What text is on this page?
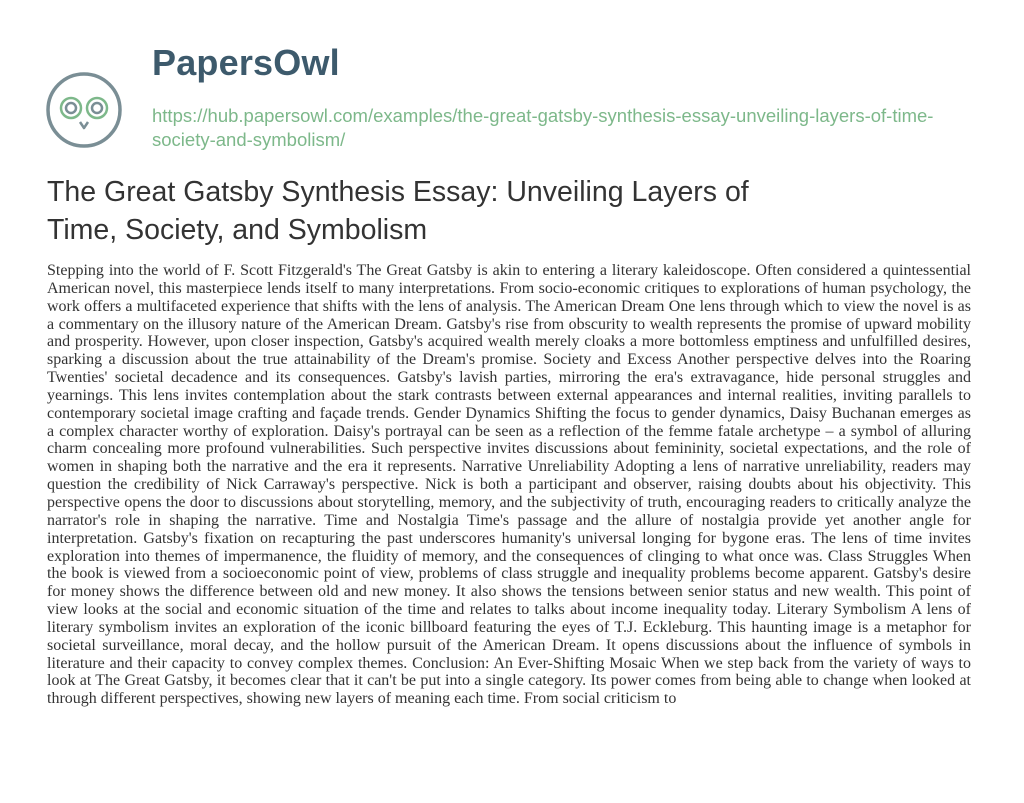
PapersOwl
https://hub.papersowl.com/examples/the-great-gatsby-synthesis-essay-unveiling-layers-of-time-society-and-symbolism/
The Great Gatsby Synthesis Essay: Unveiling Layers of Time, Society, and Symbolism

Stepping into the world of F. Scott Fitzgerald's The Great Gatsby is akin to entering a literary kaleidoscope. Often considered a quintessential American novel, this masterpiece lends itself to many interpretations. From socio-economic critiques to explorations of human psychology, the work offers a multifaceted experience that shifts with the lens of analysis. The American Dream One lens through which to view the novel is as a commentary on the illusory nature of the American Dream. Gatsby's rise from obscurity to wealth represents the promise of upward mobility and prosperity. However, upon closer inspection, Gatsby's acquired wealth merely cloaks a more bottomless emptiness and unfulfilled desires, sparking a discussion about the true attainability of the Dream's promise. Society and Excess Another perspective delves into the Roaring Twenties' societal decadence and its consequences. Gatsby's lavish parties, mirroring the era's extravagance, hide personal struggles and yearnings. This lens invites contemplation about the stark contrasts between external appearances and internal realities, inviting parallels to contemporary societal image crafting and façade trends. Gender Dynamics Shifting the focus to gender dynamics, Daisy Buchanan emerges as a complex character worthy of exploration. Daisy's portrayal can be seen as a reflection of the femme fatale archetype – a symbol of alluring charm concealing more profound vulnerabilities. Such perspective invites discussions about femininity, societal expectations, and the role of women in shaping both the narrative and the era it represents. Narrative Unreliability Adopting a lens of narrative unreliability, readers may question the credibility of Nick Carraway's perspective. Nick is both a participant and observer, raising doubts about his objectivity. This perspective opens the door to discussions about storytelling, memory, and the subjectivity of truth, encouraging readers to critically analyze the narrator's role in shaping the narrative. Time and Nostalgia Time's passage and the allure of nostalgia provide yet another angle for interpretation. Gatsby's fixation on recapturing the past underscores humanity's universal longing for bygone eras. The lens of time invites exploration into themes of impermanence, the fluidity of memory, and the consequences of clinging to what once was. Class Struggles When the book is viewed from a socioeconomic point of view, problems of class struggle and inequality problems become apparent. Gatsby's desire for money shows the difference between old and new money. It also shows the tensions between senior status and new wealth. This point of view looks at the social and economic situation of the time and relates to talks about income inequality today. Literary Symbolism A lens of literary symbolism invites an exploration of the iconic billboard featuring the eyes of T.J. Eckleburg. This haunting image is a metaphor for societal surveillance, moral decay, and the hollow pursuit of the American Dream. It opens discussions about the influence of symbols in literature and their capacity to convey complex themes. Conclusion: An Ever-Shifting Mosaic When we step back from the variety of ways to look at The Great Gatsby, it becomes clear that it can't be put into a single category. Its power comes from being able to change when looked at through different perspectives, showing new layers of meaning each time. From social criticism to
